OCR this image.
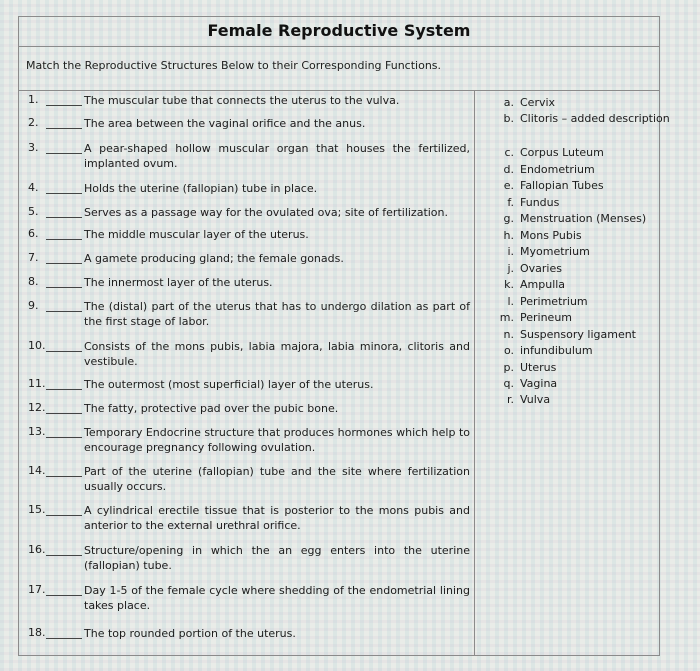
Female Reproductive System
Match the Reproductive Structures Below to their Corresponding Functions.
1.	The muscular tube that connects the uterus to the vulva.
2.	The area between the vaginal orifice and the anus.
3.	A pear-shaped hollow muscular organ that houses the fertilized, implanted ovum.
4.	Holds the uterine (fallopian) tube in place.
5.	Serves as a passage way for the ovulated ova; site of fertilization.
6.	The middle muscular layer of the uterus.
7.	A gamete producing gland; the female gonads.
8.	The innermost layer of the uterus.
9.	The (distal) part of the uterus that has to undergo dilation as part of the first stage of labor.
10.	Consists of the mons pubis, labia majora, labia minora, clitoris and vestibule.
11.	The outermost (most superficial) layer of the uterus.
12.	The fatty, protective pad over the pubic bone.
13.	Temporary Endocrine structure that produces hormones which help to encourage pregnancy following ovulation.
14.	Part of the uterine (fallopian) tube and the site where fertilization usually occurs.
15.	A cylindrical erectile tissue that is posterior to the mons pubis and anterior to the external urethral orifice.
16.	Structure/opening in which the an egg enters into the uterine (fallopian) tube.
17.	Day 1-5 of the female cycle where shedding of the endometrial lining takes place.
18.	The top rounded portion of the uterus.
a. Cervix
b. Clitoris – added description
c. Corpus Luteum
d. Endometrium
e. Fallopian Tubes
f. Fundus
g. Menstruation (Menses)
h. Mons Pubis
i. Myometrium
j. Ovaries
k. Ampulla
l. Perimetrium
m. Perineum
n. Suspensory ligament
o. infundibulum
p. Uterus
q. Vagina
r. Vulva
